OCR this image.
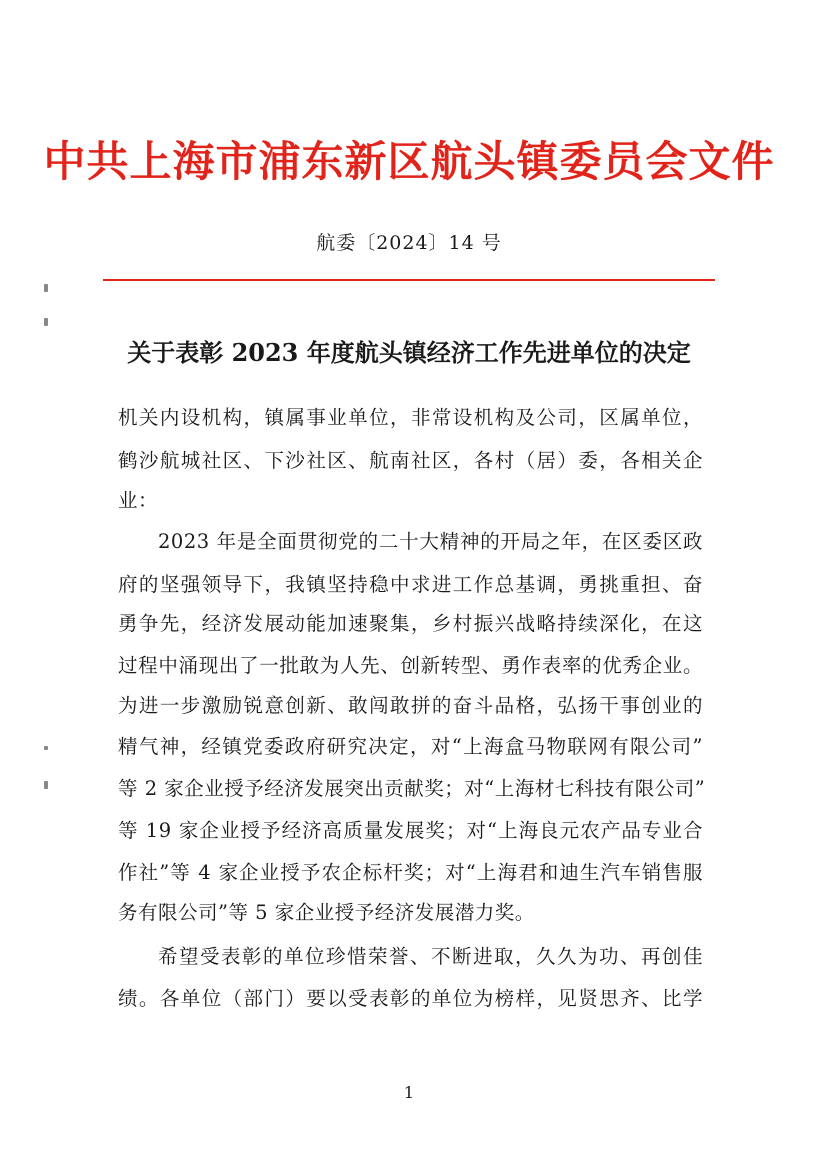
中共上海市浦东新区航头镇委员会文件
航委〔2024〕14 号
关于表彰 2023 年度航头镇经济工作先进单位的决定
机关内设机构，镇属事业单位，非常设机构及公司，区属单位，
鹤沙航城社区、下沙社区、航南社区，各村（居）委，各相关企
业：
2023 年是全面贯彻党的二十大精神的开局之年，在区委区政
府的坚强领导下，我镇坚持稳中求进工作总基调，勇挑重担、奋
勇争先，经济发展动能加速聚集，乡村振兴战略持续深化，在这
过程中涌现出了一批敢为人先、创新转型、勇作表率的优秀企业。
为进一步激励锐意创新、敢闯敢拼的奋斗品格，弘扬干事创业的
精气神，经镇党委政府研究决定，对“上海盒马物联网有限公司”
等 2 家企业授予经济发展突出贡献奖；对“上海材七科技有限公司”
等 19 家企业授予经济高质量发展奖；对“上海良元农产品专业合
作社”等 4 家企业授予农企标杆奖；对“上海君和迪生汽车销售服
务有限公司”等 5 家企业授予经济发展潜力奖。
希望受表彰的单位珍惜荣誉、不断进取，久久为功、再创佳
绩。各单位（部门）要以受表彰的单位为榜样，见贤思齐、比学
1
